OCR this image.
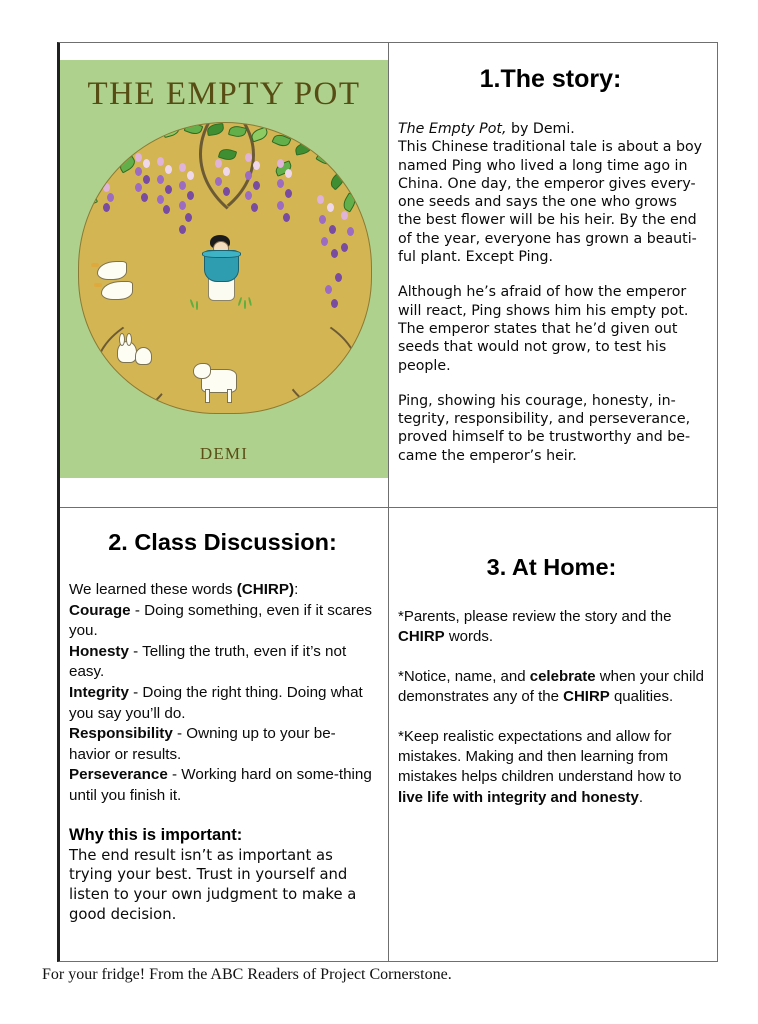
THE EMPTY POT
DEMI
1.The story:

The Empty Pot, by Demi.
This Chinese traditional tale is about a boy named Ping who lived a long time ago in China. One day, the emperor gives every-one seeds and says the one who grows the best flower will be his heir. By the end of the year, everyone has grown a beauti-ful plant. Except Ping.

Although he’s afraid of how the emperor will react, Ping shows him his empty pot. The emperor states that he’d given out seeds that would not grow, to test his people.

Ping, showing his courage, honesty, in-tegrity, responsibility, and perseverance, proved himself to be trustworthy and be-came the emperor’s heir.

2. Class Discussion:
We learned these words (CHIRP):
Courage - Doing something, even if it scares you.
Honesty - Telling the truth, even if it’s not easy.
Integrity - Doing the right thing. Doing what you say you’ll do.
Responsibility - Owning up to your be-havior or results.
Perseverance - Working hard on some-thing until you finish it.
Why this is important:
The end result isn’t as important as trying your best. Trust in yourself and listen to your own judgment to make a good decision.
3. At Home:

*Parents, please review the story and the CHIRP words.

*Notice, name, and celebrate when your child demonstrates any of the CHIRP qualities.

*Keep realistic expectations and allow for mistakes. Making and then learning from mistakes helps children understand how to live life with integrity and honesty.

For your fridge! From the ABC Readers of Project Cornerstone.
